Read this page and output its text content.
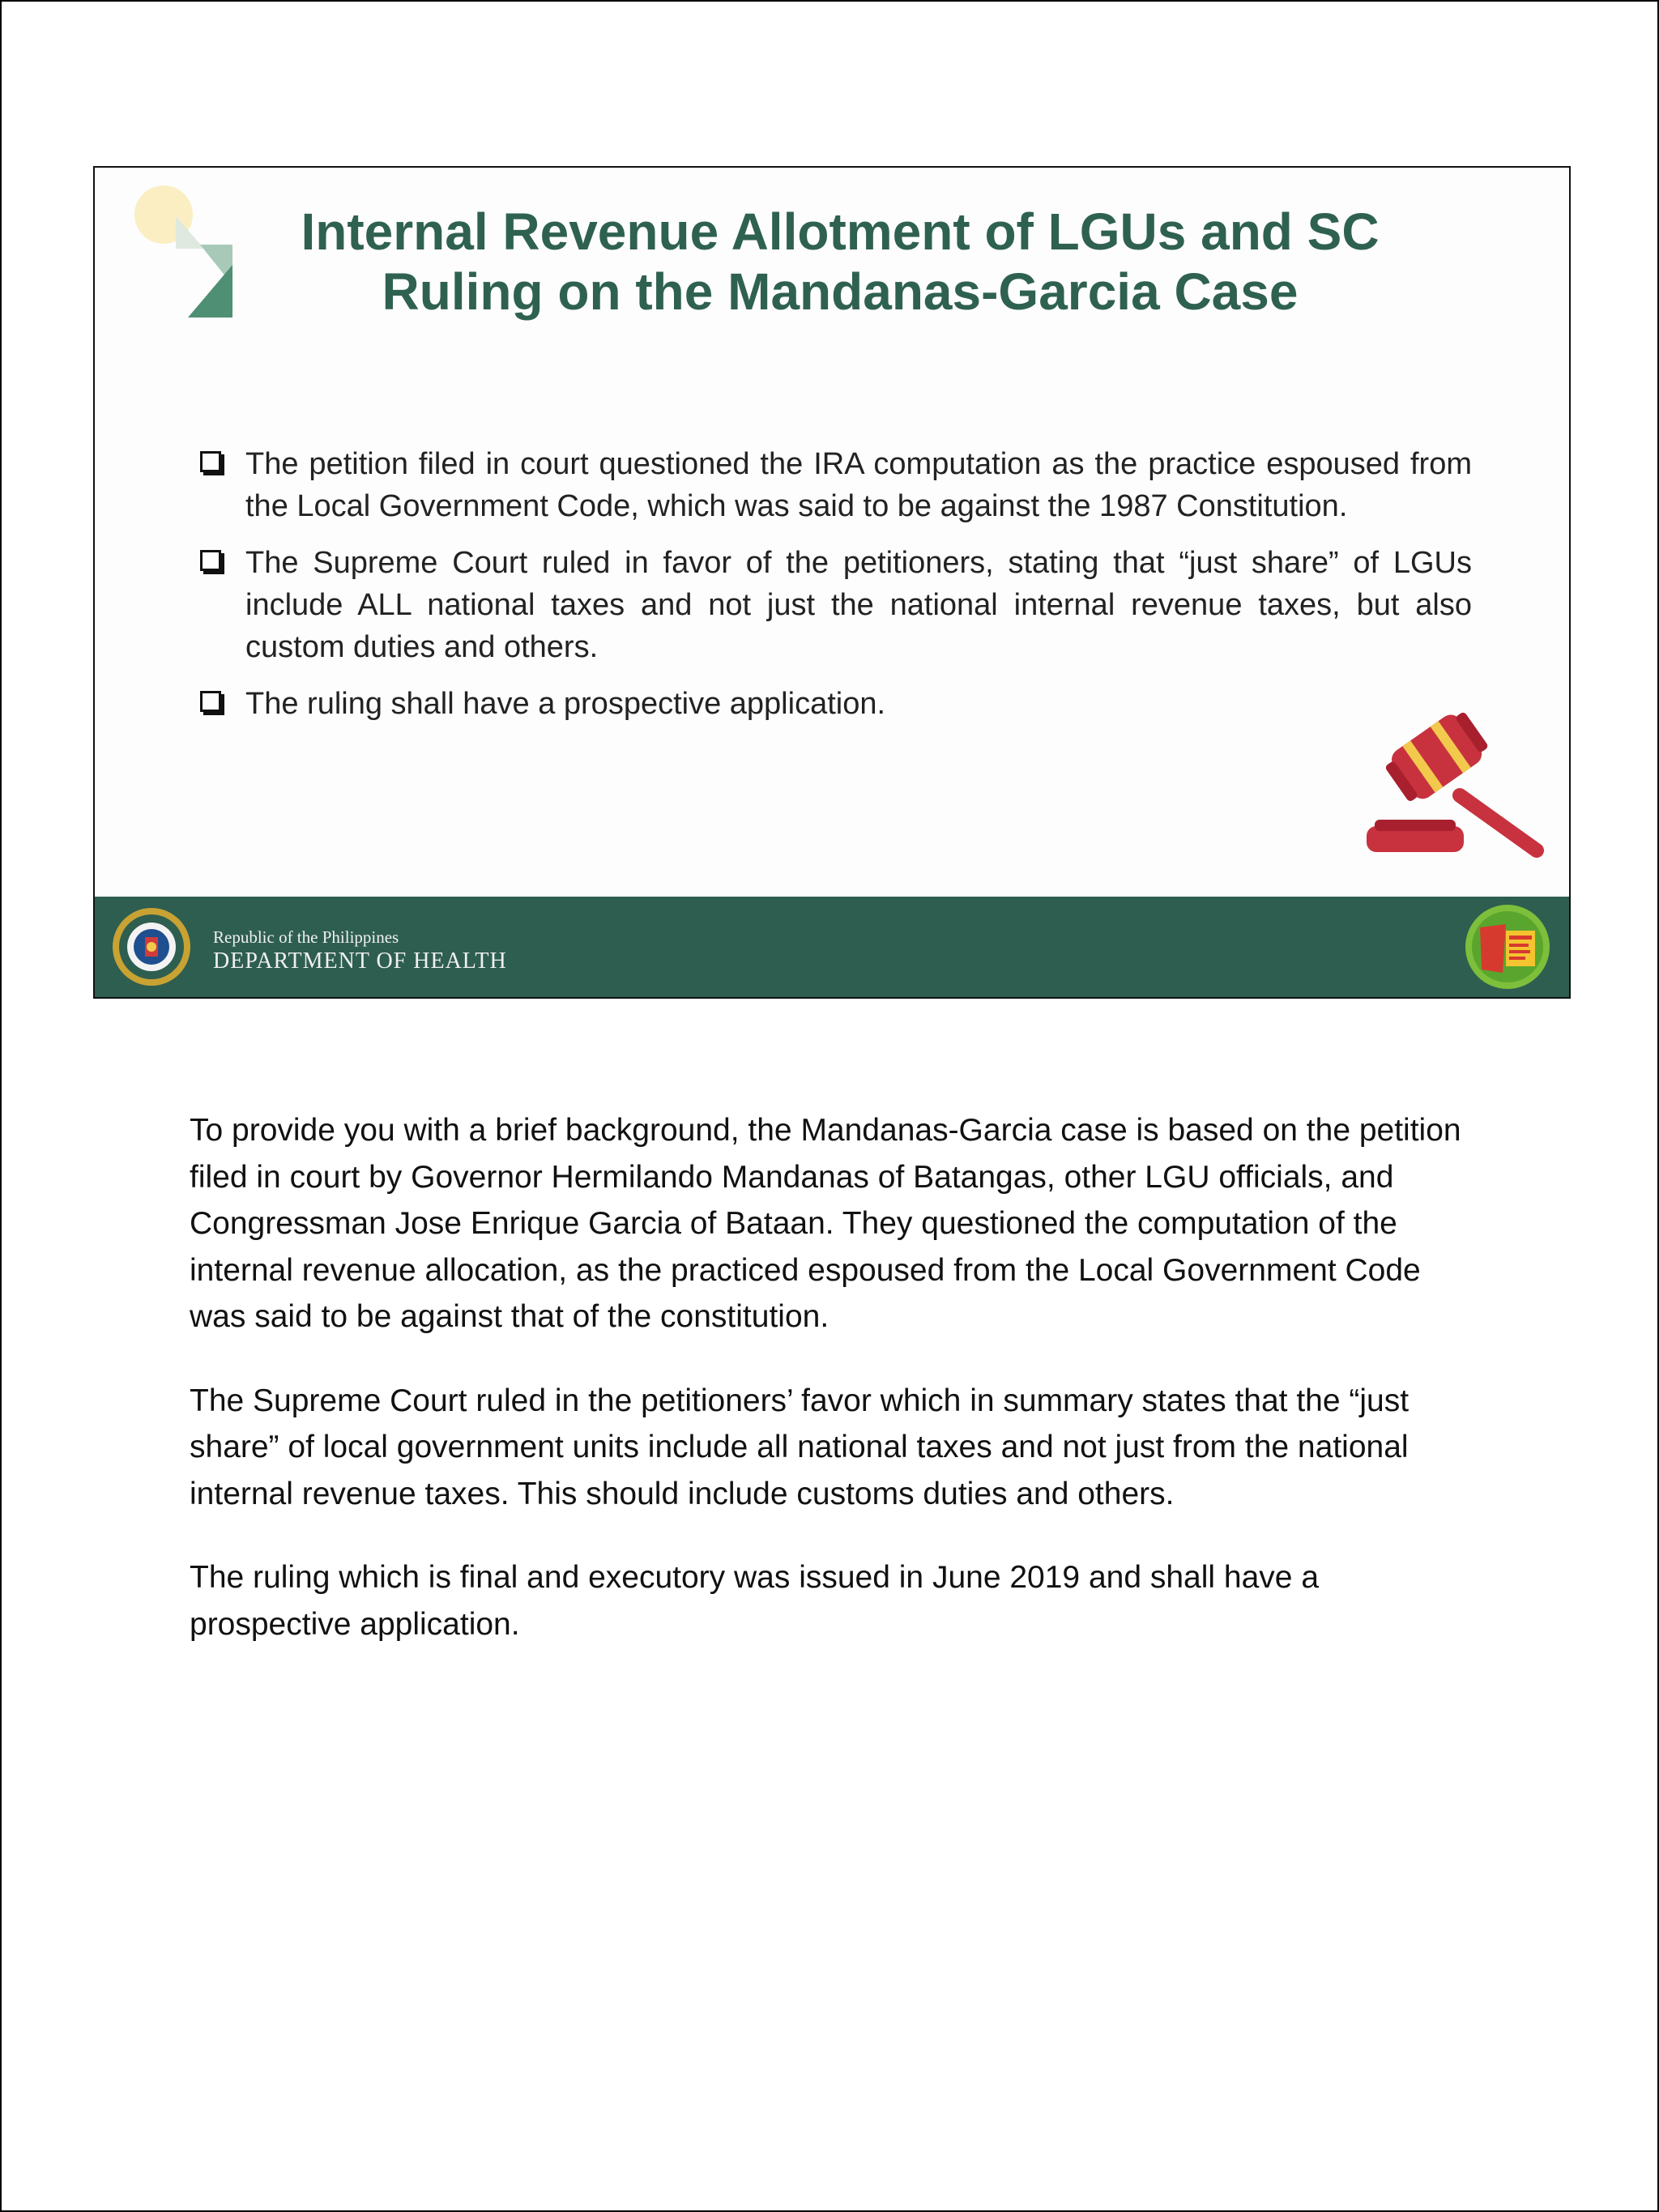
Internal Revenue Allotment of LGUs and SC
Ruling on the Mandanas-Garcia Case
The petition filed in court questioned the IRA computation as the practice espoused from the Local Government Code, which was said to be against the 1987 Constitution.
The Supreme Court ruled in favor of the petitioners, stating that “just share” of LGUs include ALL national taxes and not just the national internal revenue taxes, but also custom duties and others.
The ruling shall have a prospective application.
Republic of the Philippines
DEPARTMENT OF HEALTH

To provide you with a brief background, the Mandanas-Garcia case is based on the petition filed in court by Governor Hermilando Mandanas of Batangas, other LGU officials, and Congressman Jose Enrique Garcia of Bataan. They questioned the computation of the internal revenue allocation, as the practiced espoused from the Local Government Code was said to be against that of the constitution.

The Supreme Court ruled in the petitioners’ favor which in summary states that the “just share” of local government units include all national taxes and not just from the national internal revenue taxes. This should include customs duties and others.

The ruling which is final and executory was issued in June 2019 and shall have a prospective application.
